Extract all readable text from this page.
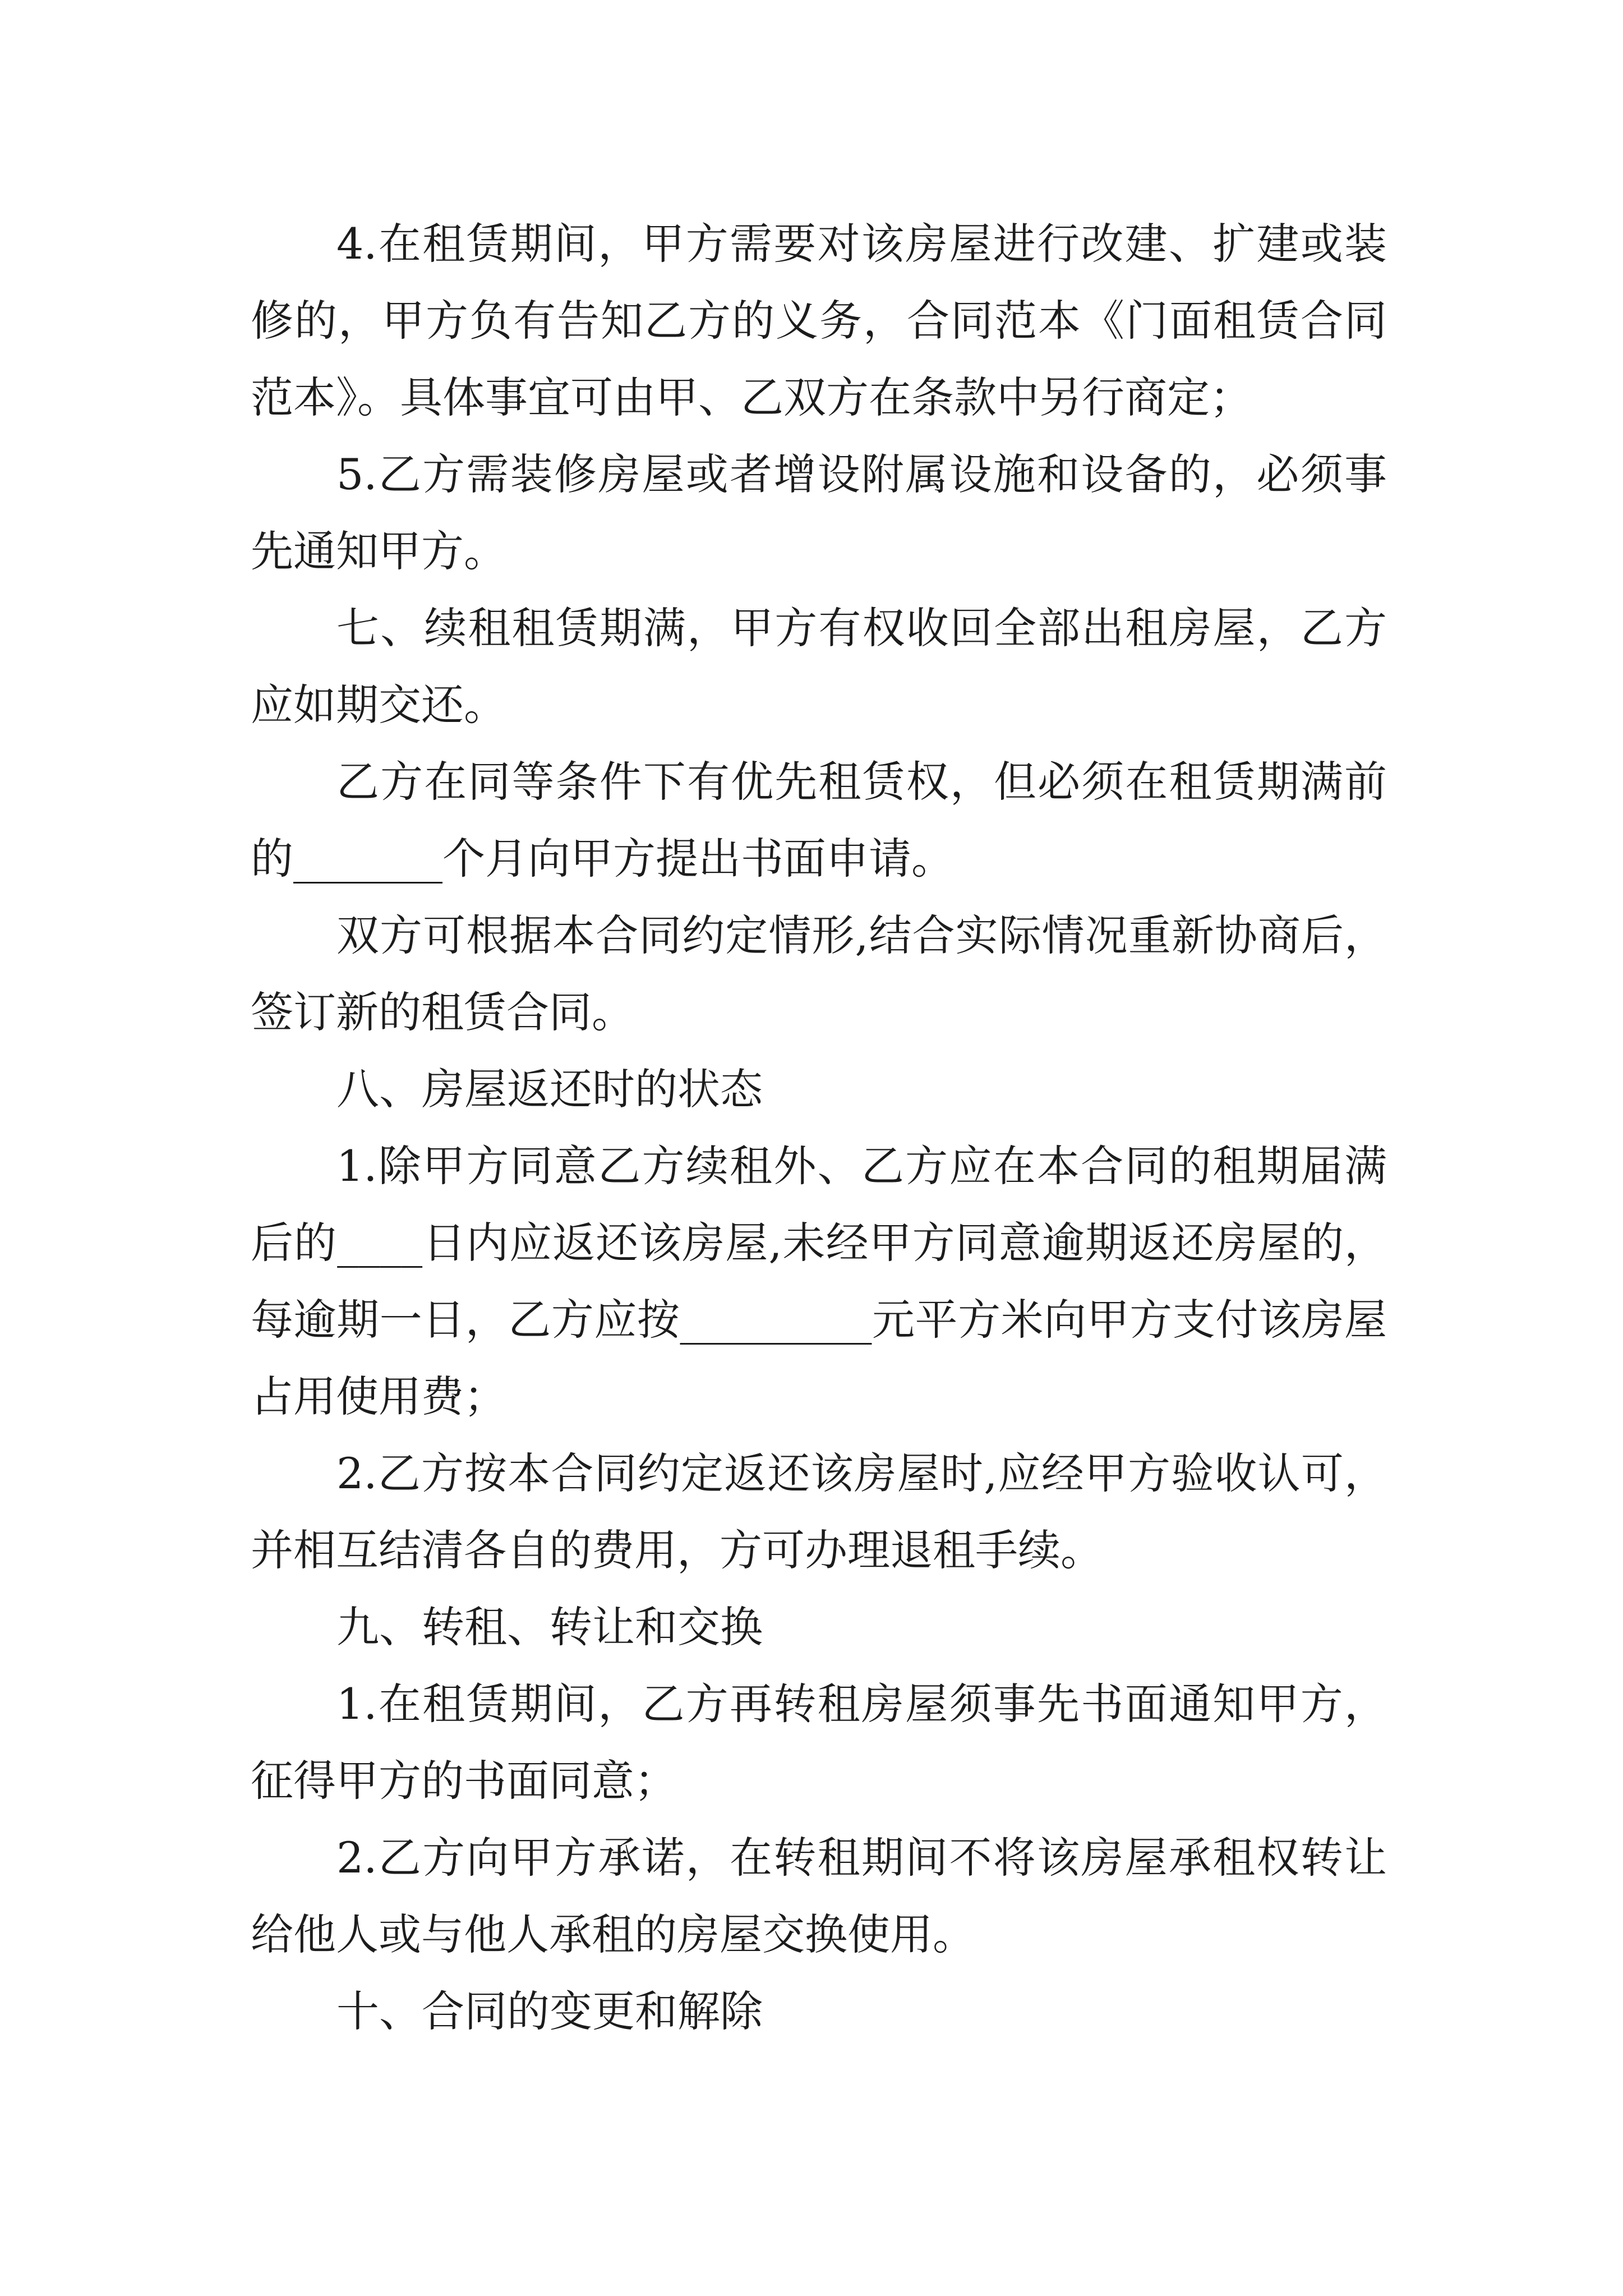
4.在租赁期间，甲方需要对该房屋进行改建、扩建或装
修的，甲方负有告知乙方的义务，合同范本《门面租赁合同
范本》。具体事宜可由甲、乙双方在条款中另行商定；
5.乙方需装修房屋或者增设附属设施和设备的，必须事
先通知甲方。
七、续租租赁期满，甲方有权收回全部出租房屋，乙方
应如期交还。
乙方在同等条件下有优先租赁权，但必须在租赁期满前
的_______个月向甲方提出书面申请。
双方可根据本合同约定情形,结合实际情况重新协商后，
签订新的租赁合同。
八、房屋返还时的状态
1.除甲方同意乙方续租外、乙方应在本合同的租期届满
后的____日内应返还该房屋,未经甲方同意逾期返还房屋的，
每逾期一日，乙方应按_________元平方米向甲方支付该房屋
占用使用费；
2.乙方按本合同约定返还该房屋时,应经甲方验收认可，
并相互结清各自的费用，方可办理退租手续。
九、转租、转让和交换
1.在租赁期间，乙方再转租房屋须事先书面通知甲方，
征得甲方的书面同意；
2.乙方向甲方承诺，在转租期间不将该房屋承租权转让
给他人或与他人承租的房屋交换使用。
十、合同的变更和解除
